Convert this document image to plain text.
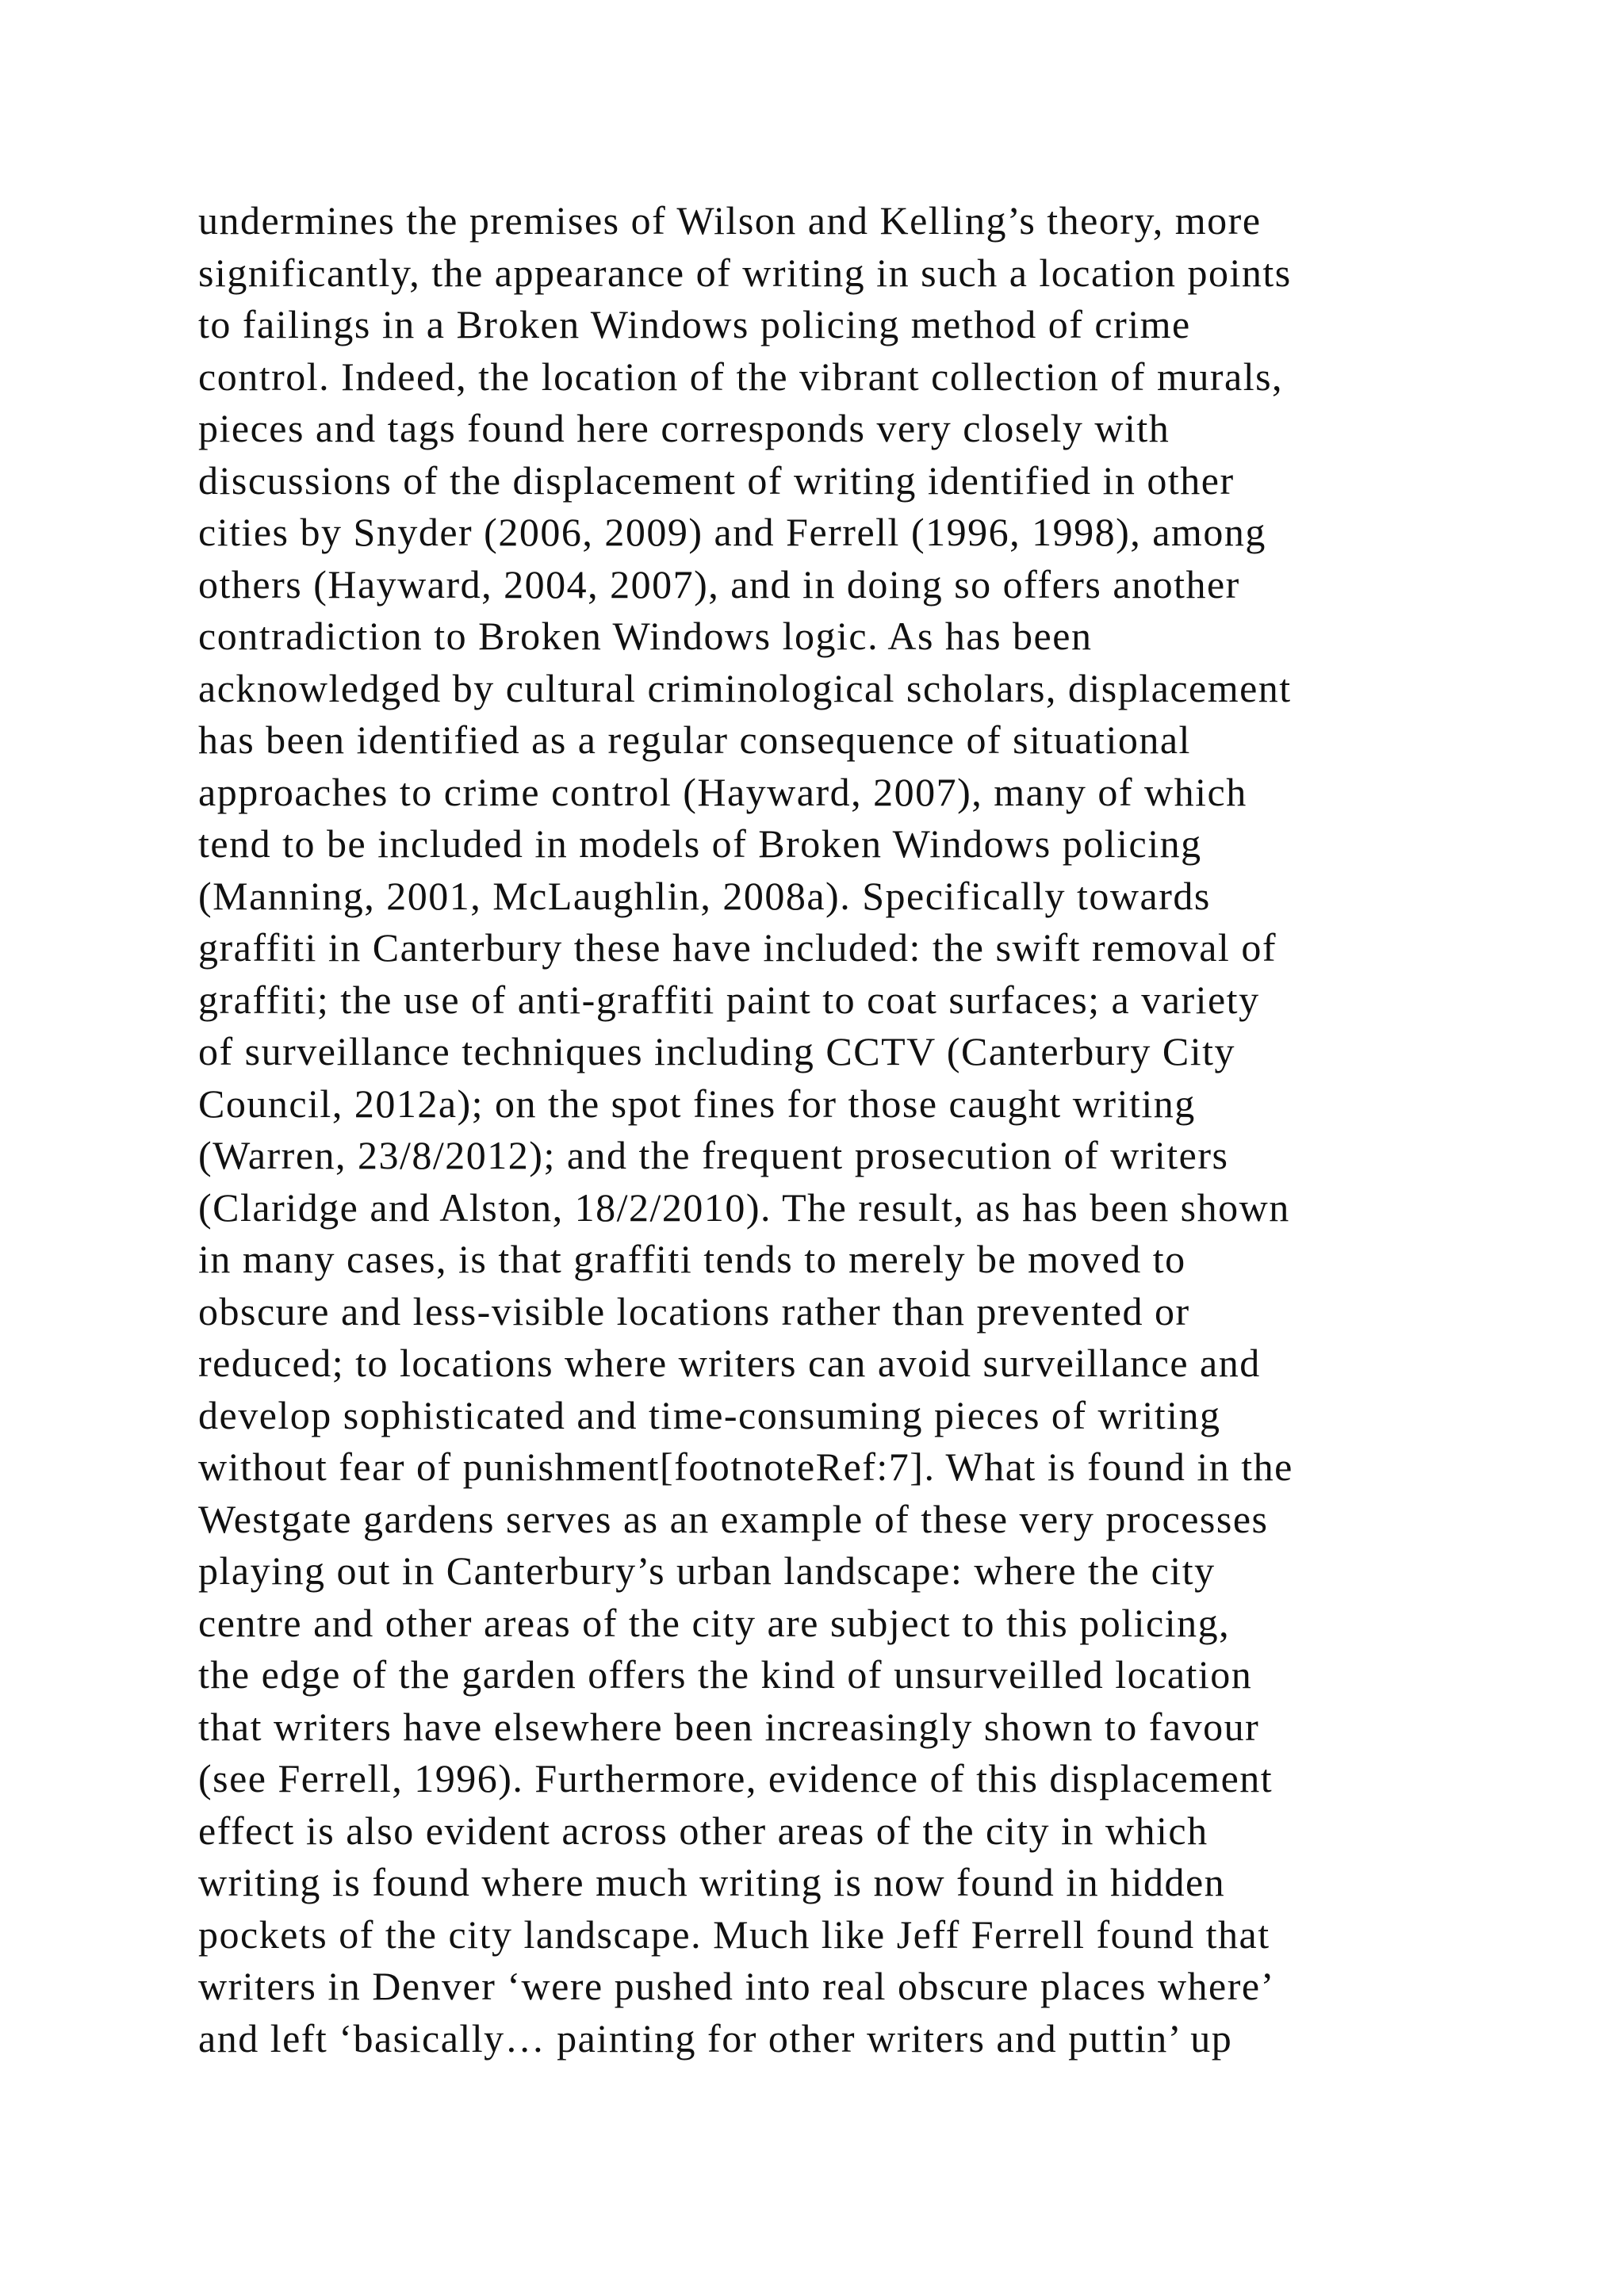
undermines the premises of Wilson and Kelling’s theory, more
significantly, the appearance of writing in such a location points
to failings in a Broken Windows policing method of crime
control. Indeed, the location of the vibrant collection of murals,
pieces and tags found here corresponds very closely with
discussions of the displacement of writing identified in other
cities by Snyder (2006, 2009) and Ferrell (1996, 1998), among
others (Hayward, 2004, 2007), and in doing so offers another
contradiction to Broken Windows logic. As has been
acknowledged by cultural criminological scholars, displacement
has been identified as a regular consequence of situational
approaches to crime control (Hayward, 2007), many of which
tend to be included in models of Broken Windows policing
(Manning, 2001, McLaughlin, 2008a). Specifically towards
graffiti in Canterbury these have included: the swift removal of
graffiti; the use of anti-graffiti paint to coat surfaces; a variety
of surveillance techniques including CCTV (Canterbury City
Council, 2012a); on the spot fines for those caught writing
(Warren, 23/8/2012); and the frequent prosecution of writers
(Claridge and Alston, 18/2/2010). The result, as has been shown
in many cases, is that graffiti tends to merely be moved to
obscure and less-visible locations rather than prevented or
reduced; to locations where writers can avoid surveillance and
develop sophisticated and time-consuming pieces of writing
without fear of punishment[footnoteRef:7]. What is found in the
Westgate gardens serves as an example of these very processes
playing out in Canterbury’s urban landscape: where the city
centre and other areas of the city are subject to this policing,
the edge of the garden offers the kind of unsurveilled location
that writers have elsewhere been increasingly shown to favour
(see Ferrell, 1996). Furthermore, evidence of this displacement
effect is also evident across other areas of the city in which
writing is found where much writing is now found in hidden
pockets of the city landscape. Much like Jeff Ferrell found that
writers in Denver ‘were pushed into real obscure places where’
and left ‘basically… painting for other writers and puttin’ up
